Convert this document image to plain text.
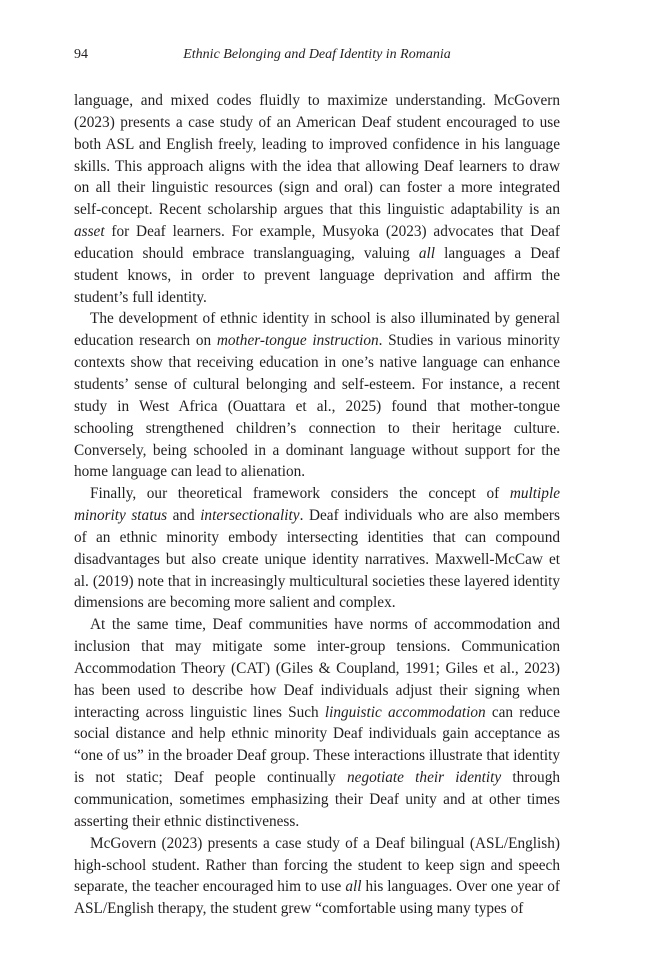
94	Ethnic Belonging and Deaf Identity in Romania

language, and mixed codes fluidly to maximize understanding. McGovern (2023) presents a case study of an American Deaf student encouraged to use both ASL and English freely, leading to improved confidence in his language skills. This approach aligns with the idea that allowing Deaf learners to draw on all their linguistic resources (sign and oral) can foster a more integrated self-concept. Recent scholarship argues that this linguistic adaptability is an asset for Deaf learners. For example, Musyoka (2023) advocates that Deaf education should embrace translanguaging, valuing all languages a Deaf student knows, in order to prevent language deprivation and affirm the student’s full identity.

The development of ethnic identity in school is also illuminated by general education research on mother-tongue instruction. Studies in various minority contexts show that receiving education in one’s native language can enhance students’ sense of cultural belonging and self-esteem. For instance, a recent study in West Africa (Ouattara et al., 2025) found that mother-tongue schooling strengthened children’s connection to their heritage culture. Conversely, being schooled in a dominant language without support for the home language can lead to alienation.

Finally, our theoretical framework considers the concept of multiple minority status and intersectionality. Deaf individuals who are also members of an ethnic minority embody intersecting identities that can compound disadvantages but also create unique identity narratives. Maxwell-McCaw et al. (2019) note that in increasingly multicultural societies these layered identity dimensions are becoming more salient and complex.

At the same time, Deaf communities have norms of accommodation and inclusion that may mitigate some inter-group tensions. Communication Accommodation Theory (CAT) (Giles & Coupland, 1991; Giles et al., 2023) has been used to describe how Deaf individuals adjust their signing when interacting across linguistic lines Such linguistic accommodation can reduce social distance and help ethnic minority Deaf individuals gain acceptance as “one of us” in the broader Deaf group. These interactions illustrate that identity is not static; Deaf people continually negotiate their identity through communication, sometimes emphasizing their Deaf unity and at other times asserting their ethnic distinctiveness.

McGovern (2023) presents a case study of a Deaf bilingual (ASL/English) high-school student. Rather than forcing the student to keep sign and speech separate, the teacher encouraged him to use all his languages. Over one year of ASL/English therapy, the student grew “comfortable using many types of
